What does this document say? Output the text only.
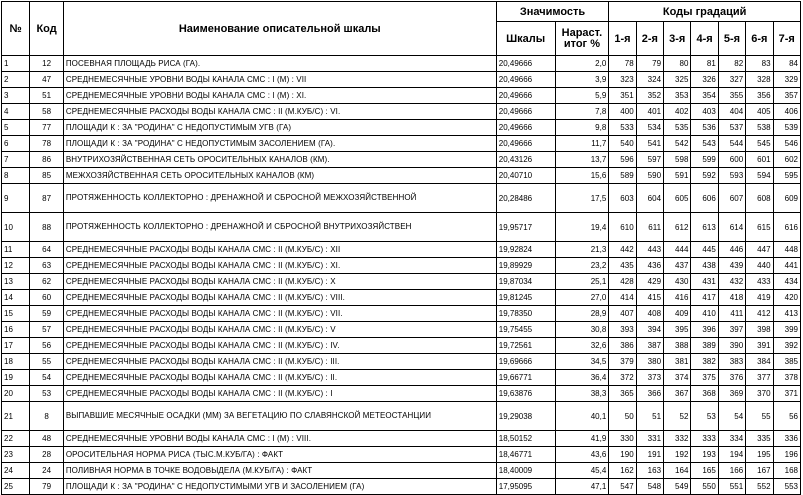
№	Код	Наименование описательной шкалы	Значимость		Коды градаций						
			Шкалы	Нараст. итог %	1-я	2-я	3-я	4-я	5-я	6-я	7-я
1	12	ПОСЕВНАЯ ПЛОЩАДЬ РИСА (ГА).	20,49666	2,0	78	79	80	81	82	83	84
2	47	СРЕДНЕМЕСЯЧНЫЕ УРОВНИ ВОДЫ КАНАЛА СМС : I (М) : VII	20,49666	3,9	323	324	325	326	327	328	329
3	51	СРЕДНЕМЕСЯЧНЫЕ УРОВНИ ВОДЫ КАНАЛА СМС : I (М) : XI.	20,49666	5,9	351	352	353	354	355	356	357
4	58	СРЕДНЕМЕСЯЧНЫЕ РАСХОДЫ ВОДЫ КАНАЛА СМС : II (М.КУБ/С) : VI.	20,49666	7,8	400	401	402	403	404	405	406
5	77	ПЛОЩАДИ К : ЗА "РОДИНА" С НЕДОПУСТИМЫМ УГВ (ГА)	20,49666	9,8	533	534	535	536	537	538	539
6	78	ПЛОЩАДИ К : ЗА "РОДИНА" С НЕДОПУСТИМЫМ ЗАСОЛЕНИЕМ (ГА).	20,49666	11,7	540	541	542	543	544	545	546
7	86	ВНУТРИХОЗЯЙСТВЕННАЯ СЕТЬ ОРОСИТЕЛЬНЫХ КАНАЛОВ (КМ).	20,43126	13,7	596	597	598	599	600	601	602
8	85	МЕЖХОЗЯЙСТВЕННАЯ СЕТЬ ОРОСИТЕЛЬНЫХ КАНАЛОВ (КМ)	20,40710	15,6	589	590	591	592	593	594	595
9	87	ПРОТЯЖЕННОСТЬ КОЛЛЕКТОРНО : ДРЕНАЖНОЙ И СБРОСНОЙ МЕЖХОЗЯЙСТВЕННОЙ	20,28486	17,5	603	604	605	606	607	608	609
10	88	ПРОТЯЖЕННОСТЬ КОЛЛЕКТОРНО : ДРЕНАЖНОЙ И СБРОСНОЙ ВНУТРИХОЗЯЙСТВЕН	19,95717	19,4	610	611	612	613	614	615	616
11	64	СРЕДНЕМЕСЯЧНЫЕ РАСХОДЫ ВОДЫ КАНАЛА СМС : II (М.КУБ/С) : XII	19,92824	21,3	442	443	444	445	446	447	448
12	63	СРЕДНЕМЕСЯЧНЫЕ РАСХОДЫ ВОДЫ КАНАЛА СМС : II (М.КУБ/С) : XI.	19,89929	23,2	435	436	437	438	439	440	441
13	62	СРЕДНЕМЕСЯЧНЫЕ РАСХОДЫ ВОДЫ КАНАЛА СМС : II (М.КУБ/С) : X	19,87034	25,1	428	429	430	431	432	433	434
14	60	СРЕДНЕМЕСЯЧНЫЕ РАСХОДЫ ВОДЫ КАНАЛА СМС : II (М.КУБ/С) : VIII.	19,81245	27,0	414	415	416	417	418	419	420
15	59	СРЕДНЕМЕСЯЧНЫЕ РАСХОДЫ ВОДЫ КАНАЛА СМС : II (М.КУБ/С) : VII.	19,78350	28,9	407	408	409	410	411	412	413
16	57	СРЕДНЕМЕСЯЧНЫЕ РАСХОДЫ ВОДЫ КАНАЛА СМС : II (М.КУБ/С) : V	19,75455	30,8	393	394	395	396	397	398	399
17	56	СРЕДНЕМЕСЯЧНЫЕ РАСХОДЫ ВОДЫ КАНАЛА СМС : II (М.КУБ/С) : IV.	19,72561	32,6	386	387	388	389	390	391	392
18	55	СРЕДНЕМЕСЯЧНЫЕ РАСХОДЫ ВОДЫ КАНАЛА СМС : II (М.КУБ/С) : III.	19,69666	34,5	379	380	381	382	383	384	385
19	54	СРЕДНЕМЕСЯЧНЫЕ РАСХОДЫ ВОДЫ КАНАЛА СМС : II (М.КУБ/С) : II.	19,66771	36,4	372	373	374	375	376	377	378
20	53	СРЕДНЕМЕСЯЧНЫЕ РАСХОДЫ ВОДЫ КАНАЛА СМС : II (М.КУБ/С) : I	19,63876	38,3	365	366	367	368	369	370	371
21	8	ВЫПАВШИЕ МЕСЯЧНЫЕ ОСАДКИ (ММ) ЗА ВЕГЕТАЦИЮ ПО СЛАВЯНСКОЙ МЕТЕОСТАНЦИИ	19,29038	40,1	50	51	52	53	54	55	56
22	48	СРЕДНЕМЕСЯЧНЫЕ УРОВНИ ВОДЫ КАНАЛА СМС : I (М) : VIII.	18,50152	41,9	330	331	332	333	334	335	336
23	28	ОРОСИТЕЛЬНАЯ НОРМА РИСА (ТЫС.М.КУБ/ГА) : ФАКТ	18,46771	43,6	190	191	192	193	194	195	196
24	24	ПОЛИВНАЯ НОРМА В ТОЧКЕ ВОДОВЫДЕЛА (М.КУБ/ГА) : ФАКТ	18,40009	45,4	162	163	164	165	166	167	168
25	79	ПЛОЩАДИ К : ЗА "РОДИНА" С НЕДОПУСТИМЫМИ УГВ И ЗАСОЛЕНИЕМ (ГА)	17,95095	47,1	547	548	549	550	551	552	553
